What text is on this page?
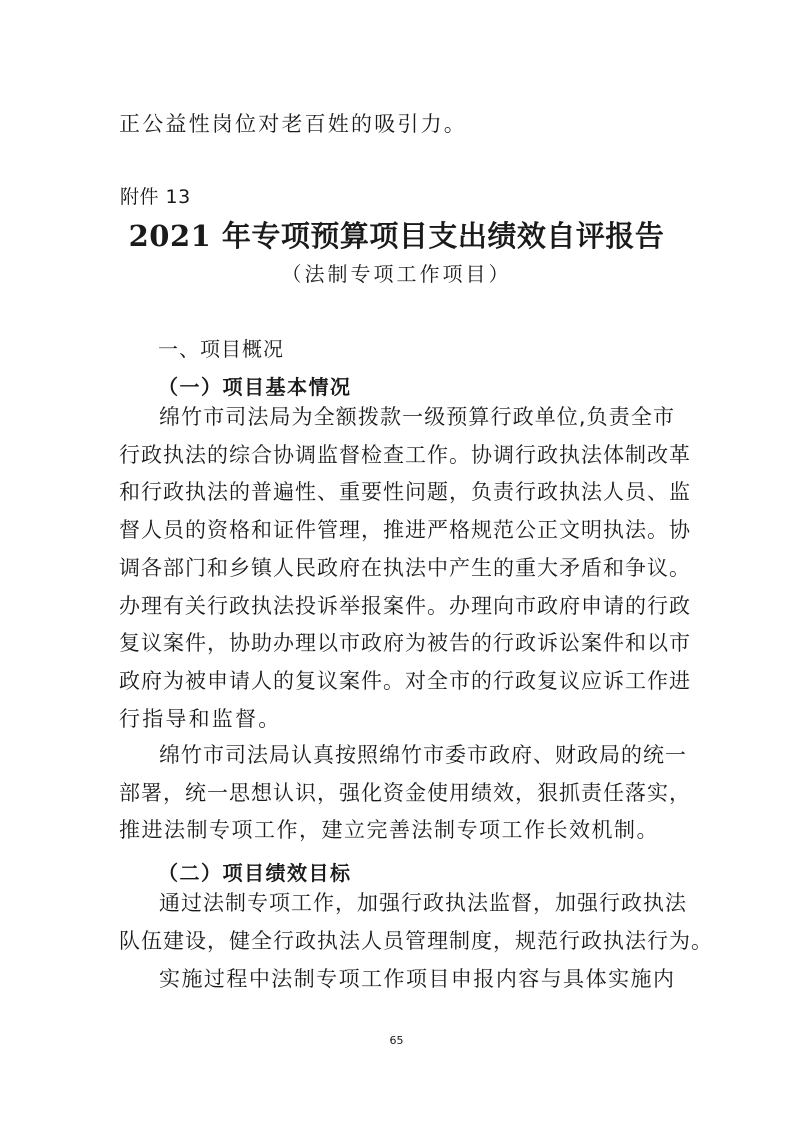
正公益性岗位对老百姓的吸引力。
附件 13
2021 年专项预算项目支出绩效自评报告
（法制专项工作项目）
一、项目概况
（一）项目基本情况
绵竹市司法局为全额拨款一级预算行政单位,负责全市
行政执法的综合协调监督检查工作。协调行政执法体制改革
和行政执法的普遍性、重要性问题，负责行政执法人员、监
督人员的资格和证件管理，推进严格规范公正文明执法。协
调各部门和乡镇人民政府在执法中产生的重大矛盾和争议。
办理有关行政执法投诉举报案件。办理向市政府申请的行政
复议案件，协助办理以市政府为被告的行政诉讼案件和以市
政府为被申请人的复议案件。对全市的行政复议应诉工作进
行指导和监督。
绵竹市司法局认真按照绵竹市委市政府、财政局的统一
部署，统一思想认识，强化资金使用绩效，狠抓责任落实，
推进法制专项工作，建立完善法制专项工作长效机制。
（二）项目绩效目标
通过法制专项工作，加强行政执法监督，加强行政执法
队伍建设，健全行政执法人员管理制度，规范行政执法行为。
实施过程中法制专项工作项目申报内容与具体实施内
65
